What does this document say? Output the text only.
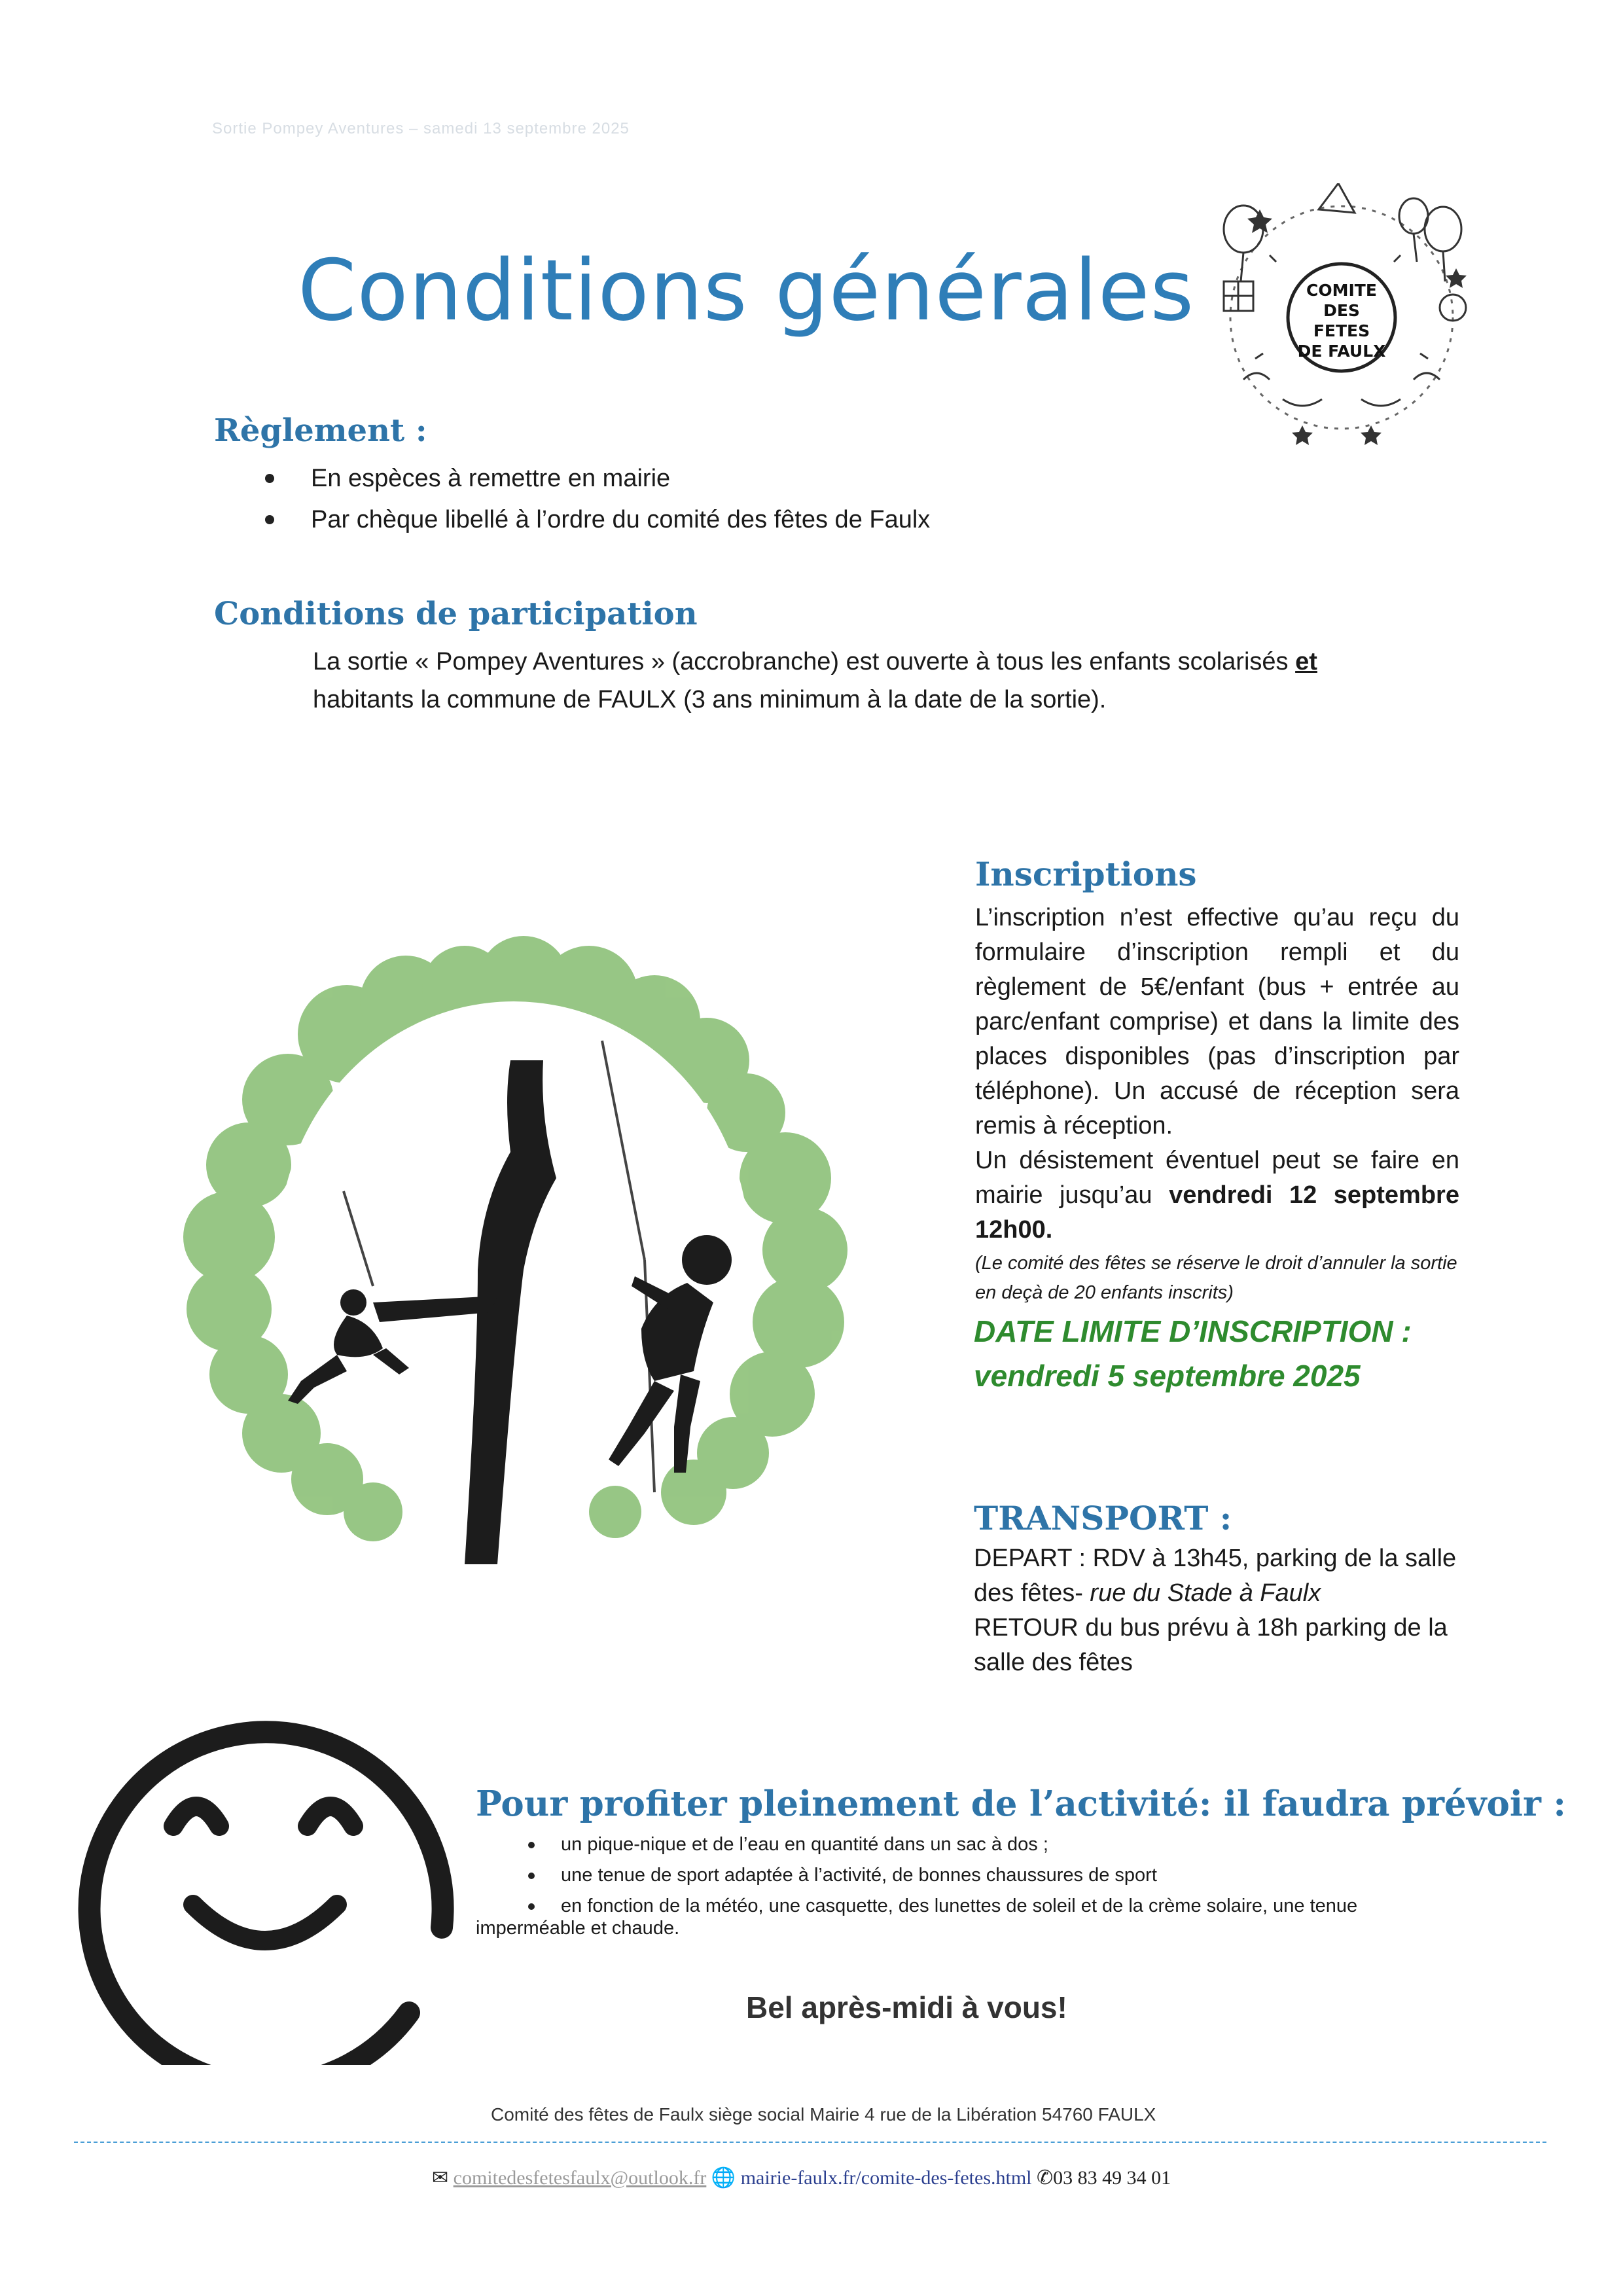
Sortie Pompey Aventures – samedi 13 septembre 2025
Conditions générales	COMITE
DES
FETES
DE FAULX
Règlement :
En espèces à remettre en mairie
Par chèque libellé à l’ordre du comité des fêtes de Faulx
Conditions de participation
La sortie « Pompey Aventures » (accrobranche) est ouverte à tous les enfants scolarisés et habitants la commune de FAULX (3 ans minimum à la date de la sortie).
Inscriptions
L’inscription n’est effective qu’au reçu du formulaire d’inscription rempli et du règlement de 5€/enfant (bus + entrée au parc/enfant comprise) et dans la limite des places disponibles (pas d’inscription par téléphone). Un accusé de réception sera remis à réception.
Un désistement éventuel peut se faire en mairie jusqu’au vendredi 12 septembre 12h00.
(Le comité des fêtes se réserve le droit d’annuler la sortie en deçà de 20 enfants inscrits)
DATE LIMITE D’INSCRIPTION :
vendredi 5 septembre 2025
TRANSPORT :
DEPART : RDV à 13h45, parking de la salle des fêtes- rue du Stade à Faulx
RETOUR du bus prévu à 18h parking de la salle des fêtes
Pour profiter pleinement de l’activité: il faudra prévoir :
un pique-nique et de l’eau en quantité dans un sac à dos ;
une tenue de sport adaptée à l’activité, de bonnes chaussures de sport
en fonction de la météo, une casquette, des lunettes de soleil et de la crème solaire, une tenue
imperméable et chaude.
Bel après-midi à vous!
Comité des fêtes de Faulx siège social Mairie 4 rue de la Libération 54760 FAULX
✉ comitedesfetesfaulx@outlook.fr 🌐 mairie-faulx.fr/comite-des-fetes.html ✆03 83 49 34 01
